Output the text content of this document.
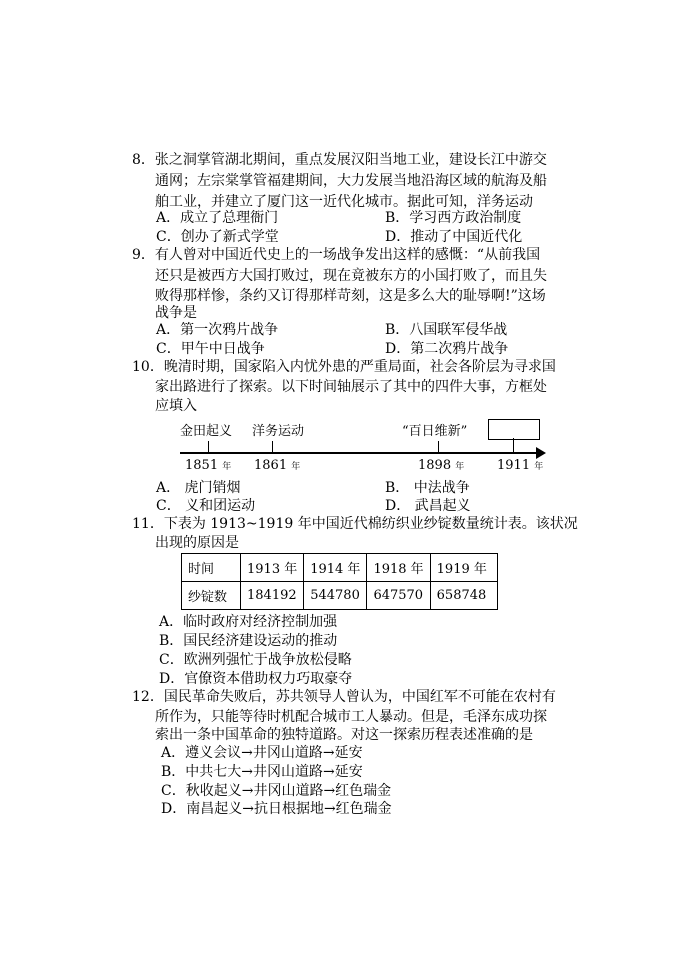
8．张之洞掌管湖北期间，重点发展汉阳当地工业，建设长江中游交
通网；左宗棠掌管福建期间，大力发展当地沿海区域的航海及船
舶工业，并建立了厦门这一近代化城市。据此可知，洋务运动
A．成立了总理衙门	B．学习西方政治制度
C．创办了新式学堂	D．推动了中国近代化
9．有人曾对中国近代史上的一场战争发出这样的感慨：“从前我国
还只是被西方大国打败过，现在竟被东方的小国打败了，而且失
败得那样惨，条约又订得那样苛刻，这是多么大的耻辱啊!”这场
战争是
A．第一次鸦片战争	B．八国联军侵华战
C．甲午中日战争	D．第二次鸦片战争
10．晚清时期，国家陷入内忧外患的严重局面，社会各阶层为寻求国
家出路进行了探索。以下时间轴展示了其中的四件大事，方框处
应填入
金田起义 洋务运动	“百日维新”
1851 年 1861 年	1898 年	1911 年
A． 虎门销烟	B． 中法战争
C． 义和团运动	D． 武昌起义
11．下表为 1913~1919 年中国近代棉纺织业纱锭数量统计表。该状况
出现的原因是
时间	1913 年	1914 年	1918 年	1919 年
纱锭数	184192	544780	647570	658748
A．临时政府对经济控制加强
B．国民经济建设运动的推动
C．欧洲列强忙于战争放松侵略
D．官僚资本借助权力巧取豪夺
12．国民革命失败后，苏共领导人曾认为，中国红军不可能在农村有
所作为，只能等待时机配合城市工人暴动。但是，毛泽东成功探
索出一条中国革命的独特道路。对这一探索历程表述准确的是
A．遵义会议→井冈山道路→延安
B．中共七大→井冈山道路→延安
C．秋收起义→井冈山道路→红色瑞金
D．南昌起义→抗日根据地→红色瑞金
